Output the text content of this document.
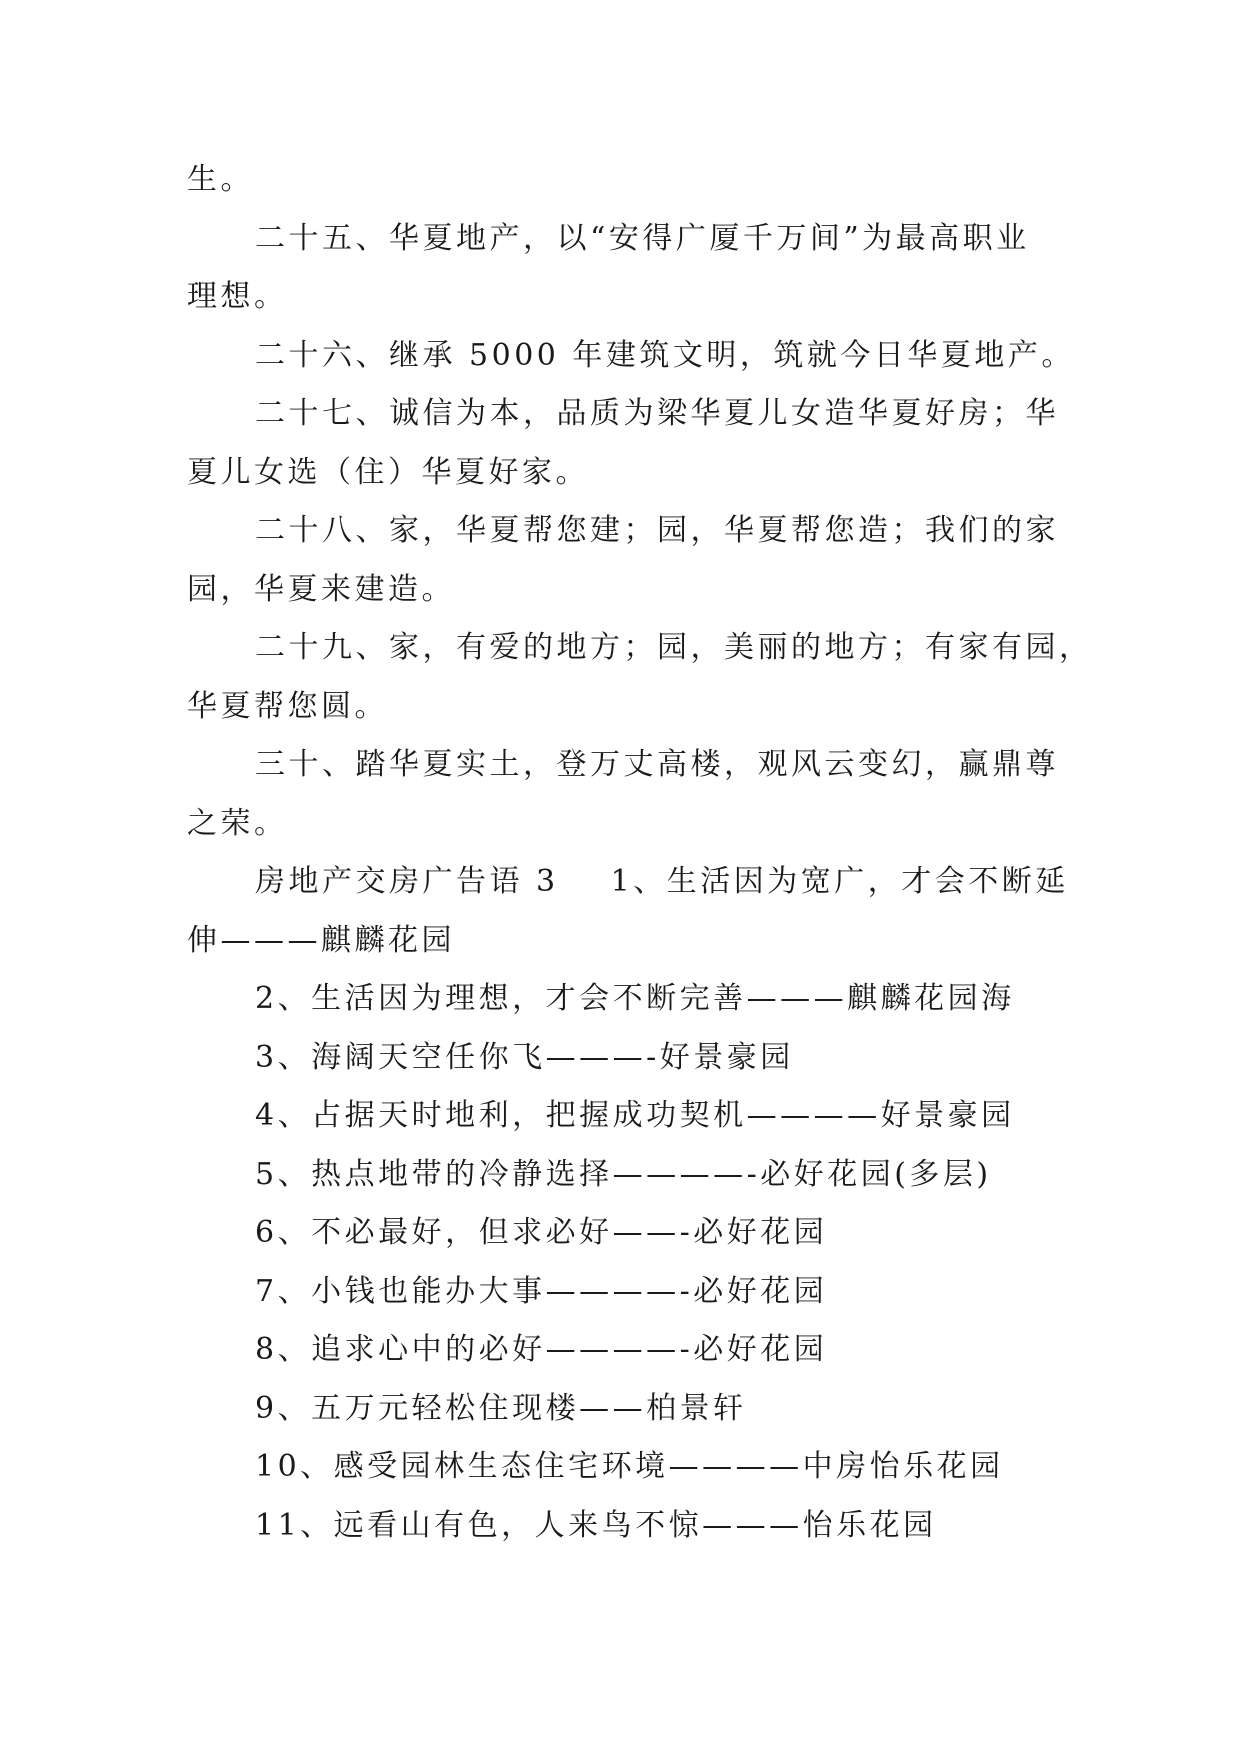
生。
二十五、华夏地产，以“安得广厦千万间”为最高职业
理想。
二十六、继承 5000 年建筑文明，筑就今日华夏地产。
二十七、诚信为本，品质为梁华夏儿女造华夏好房；华
夏儿女选（住）华夏好家。
二十八、家，华夏帮您建；园，华夏帮您造；我们的家
园，华夏来建造。
二十九、家，有爱的地方；园，美丽的地方；有家有园，
华夏帮您圆。
三十、踏华夏实土，登万丈高楼，观风云变幻，赢鼎尊
之荣。
房地产交房广告语 3 1、生活因为宽广，才会不断延
伸———麒麟花园
2、生活因为理想，才会不断完善———麒麟花园海
3、海阔天空任你飞———-好景豪园
4、占据天时地利，把握成功契机————好景豪园
5、热点地带的冷静选择————-必好花园(多层)
6、不必最好，但求必好——-必好花园
7、小钱也能办大事————-必好花园
8、追求心中的必好————-必好花园
9、五万元轻松住现楼——柏景轩
10、感受园林生态住宅环境————中房怡乐花园
11、远看山有色，人来鸟不惊———怡乐花园
